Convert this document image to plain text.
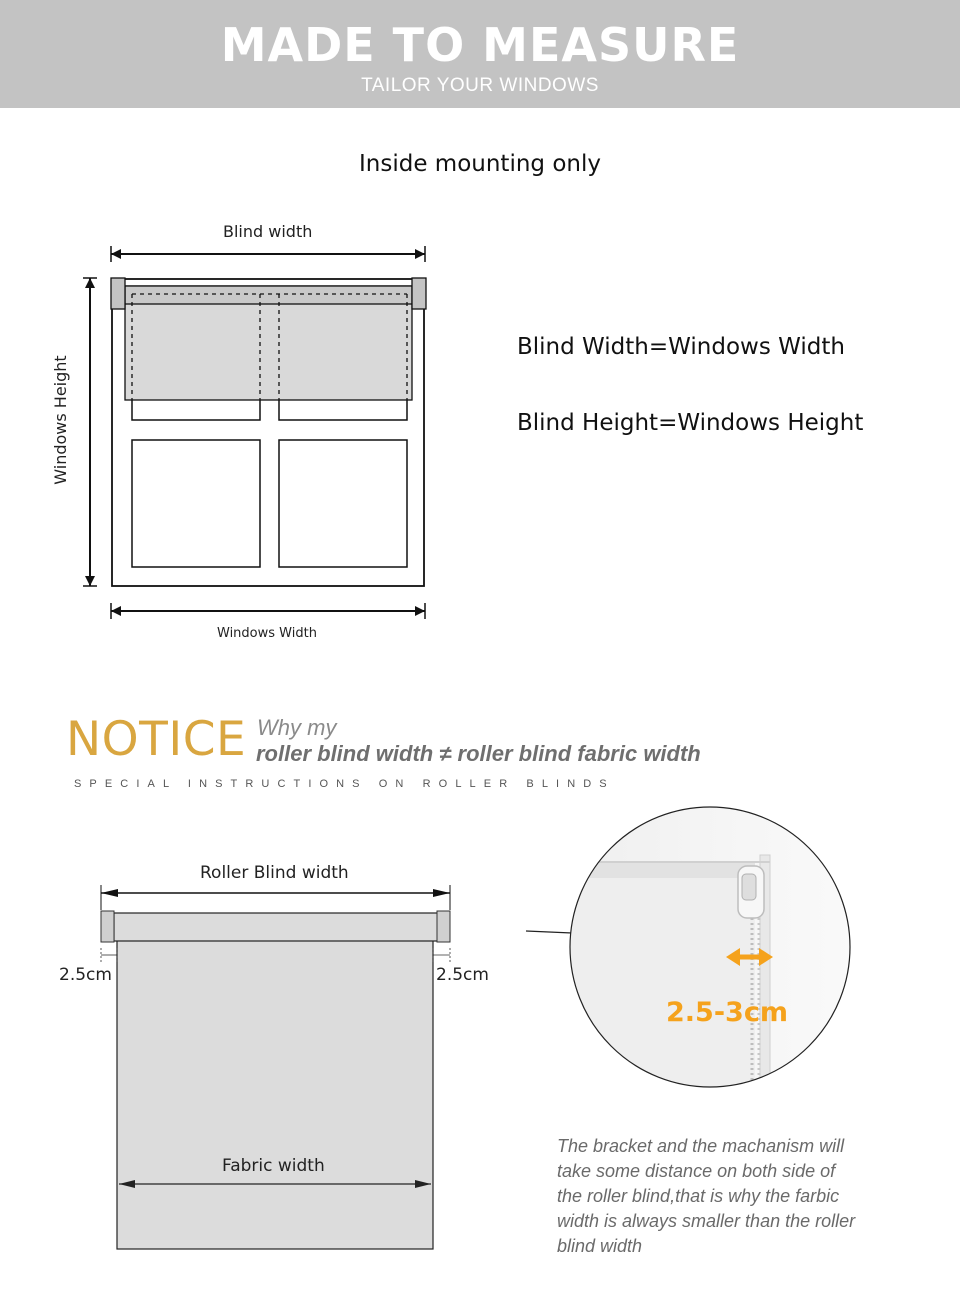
MADE TO MEASURE
TAILOR YOUR WINDOWS
Inside mounting only
Blind width
Windows Height
Windows Width
Blind Width=Windows Width
Blind Height=Windows Height
NOTICE Why my
roller blind width ≠ roller blind fabric width
SPECIAL INSTRUCTIONS ON ROLLER BLINDS
Roller Blind width
2.5cm	2.5cm
Fabric width
2.5-3cm
The bracket and the machanism will
take some distance on both side of
the roller blind,that is why the farbic
width is always smaller than the roller
blind width
